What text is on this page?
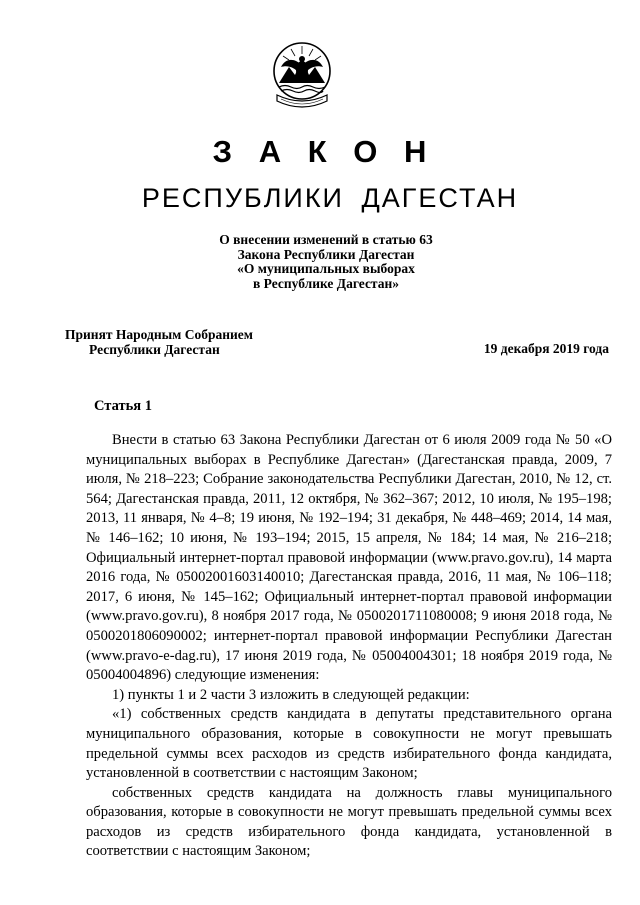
З А К О Н
РЕСПУБЛИКИ ДАГЕСТАН
О внесении изменений в статью 63
Закона Республики Дагестан
«О муниципальных выборах
в Республике Дагестан»
Принят Народным Собранием
Республики Дагестан	19 декабря 2019 года
Статья 1

Внести в статью 63 Закона Республики Дагестан от 6 июля 2009 года № 50 «О муниципальных выборах в Республике Дагестан» (Дагестанская правда, 2009, 7 июля, № 218–223; Собрание законодательства Республики Дагестан, 2010, № 12, ст. 564; Дагестанская правда, 2011, 12 октября, № 362–367; 2012, 10 июля, № 195–198; 2013, 11 января, № 4–8; 19 июня, № 192–194; 31 декабря, № 448–469; 2014, 14 мая, № 146–162; 10 июня, № 193–194; 2015, 15 апреля, № 184; 14 мая, № 216–218; Официальный интернет-портал правовой информации (www.pravo.gov.ru), 14 марта 2016 года, № 05002001603140010; Дагестанская правда, 2016, 11 мая, № 106–118; 2017, 6 июня, № 145–162; Официальный интернет-портал правовой информации (www.pravo.gov.ru), 8 ноября 2017 года, № 0500201711080008; 9 июня 2018 года, № 0500201806090002; интернет-портал правовой информации Республики Дагестан (www.pravo-e-dag.ru), 17 июня 2019 года, № 05004004301; 18 ноября 2019 года, № 05004004896) следующие изменения:

1) пункты 1 и 2 части 3 изложить в следующей редакции:

«1) собственных средств кандидата в депутаты представительного органа муниципального образования, которые в совокупности не могут превышать предельной суммы всех расходов из средств избирательного фонда кандидата, установленной в соответствии с настоящим Законом;

собственных средств кандидата на должность главы муниципального образования, которые в совокупности не могут превышать предельной суммы всех расходов из средств избирательного фонда кандидата, установленной в соответствии с настоящим Законом;
